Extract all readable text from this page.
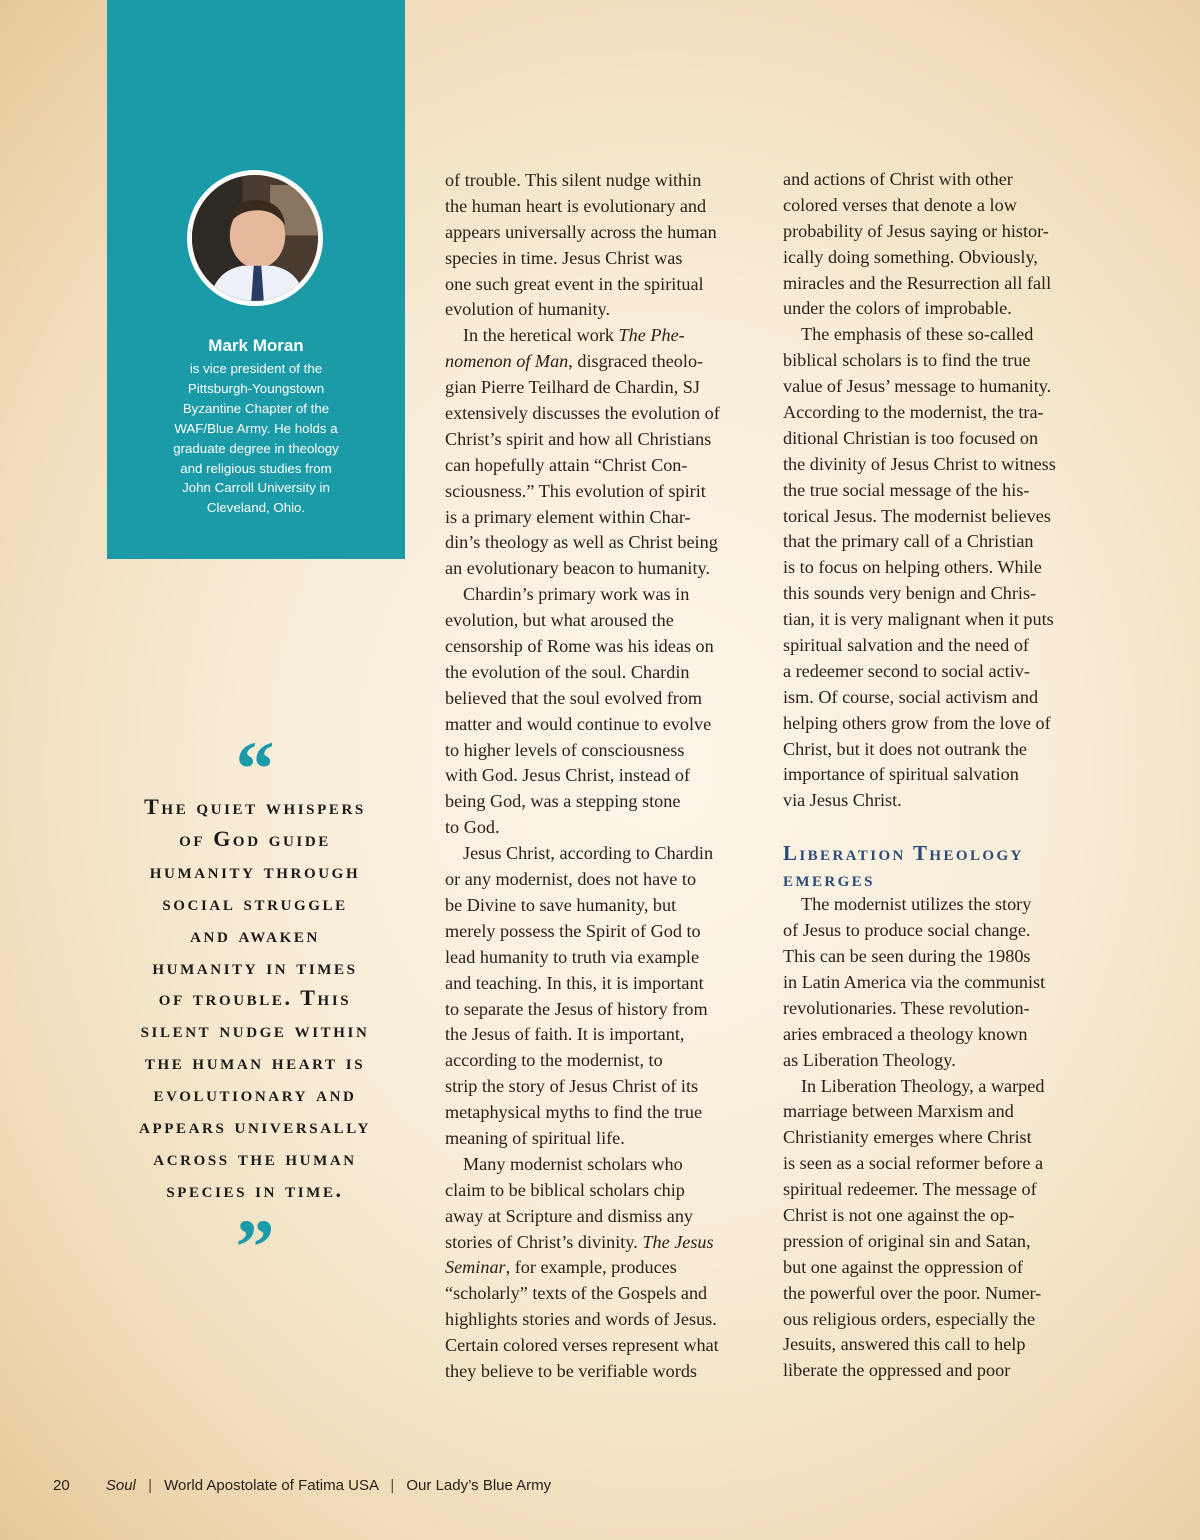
Mark Moran
is vice president of the
Pittsburgh-Youngstown
Byzantine Chapter of the
WAF/Blue Army. He holds a
graduate degree in theology
and religious studies from
John Carroll University in
Cleveland, Ohio.
“
The quiet whispers
of God guide
humanity through
social struggle
and awaken
humanity in times
of trouble. This
silent nudge within
the human heart is
evolutionary and
appears universally
across the human
species in time.
”
of trouble. This silent nudge within
the human heart is evolutionary and
appears universally across the human
species in time. Jesus Christ was
one such great event in the spiritual
evolution of humanity.
In the heretical work The Phe-
nomenon of Man, disgraced theolo-
gian Pierre Teilhard de Chardin, SJ
extensively discusses the evolution of
Christ’s spirit and how all Christians
can hopefully attain “Christ Con-
sciousness.” This evolution of spirit
is a primary element within Char-
din’s theology as well as Christ being
an evolutionary beacon to humanity.
Chardin’s primary work was in
evolution, but what aroused the
censorship of Rome was his ideas on
the evolution of the soul. Chardin
believed that the soul evolved from
matter and would continue to evolve
to higher levels of consciousness
with God. Jesus Christ, instead of
being God, was a stepping stone
to God.
Jesus Christ, according to Chardin
or any modernist, does not have to
be Divine to save humanity, but
merely possess the Spirit of God to
lead humanity to truth via example
and teaching. In this, it is important
to separate the Jesus of history from
the Jesus of faith. It is important,
according to the modernist, to
strip the story of Jesus Christ of its
metaphysical myths to find the true
meaning of spiritual life.
Many modernist scholars who
claim to be biblical scholars chip
away at Scripture and dismiss any
stories of Christ’s divinity. The Jesus
Seminar, for example, produces
“scholarly” texts of the Gospels and
highlights stories and words of Jesus.
Certain colored verses represent what
they believe to be verifiable words
and actions of Christ with other
colored verses that denote a low
probability of Jesus saying or histor-
ically doing something. Obviously,
miracles and the Resurrection all fall
under the colors of improbable.
The emphasis of these so-called
biblical scholars is to find the true
value of Jesus’ message to humanity.
According to the modernist, the tra-
ditional Christian is too focused on
the divinity of Jesus Christ to witness
the true social message of the his-
torical Jesus. The modernist believes
that the primary call of a Christian
is to focus on helping others. While
this sounds very benign and Chris-
tian, it is very malignant when it puts
spiritual salvation and the need of
a redeemer second to social activ-
ism. Of course, social activism and
helping others grow from the love of
Christ, but it does not outrank the
importance of spiritual salvation
via Jesus Christ.
Liberation Theology
emerges
The modernist utilizes the story
of Jesus to produce social change.
This can be seen during the 1980s
in Latin America via the communist
revolutionaries. These revolution-
aries embraced a theology known
as Liberation Theology.
In Liberation Theology, a warped
marriage between Marxism and
Christianity emerges where Christ
is seen as a social reformer before a
spiritual redeemer. The message of
Christ is not one against the op-
pression of original sin and Satan,
but one against the oppression of
the powerful over the poor. Numer-
ous religious orders, especially the
Jesuits, answered this call to help
liberate the oppressed and poor
20 Soul | World Apostolate of Fatima USA | Our Lady’s Blue Army
